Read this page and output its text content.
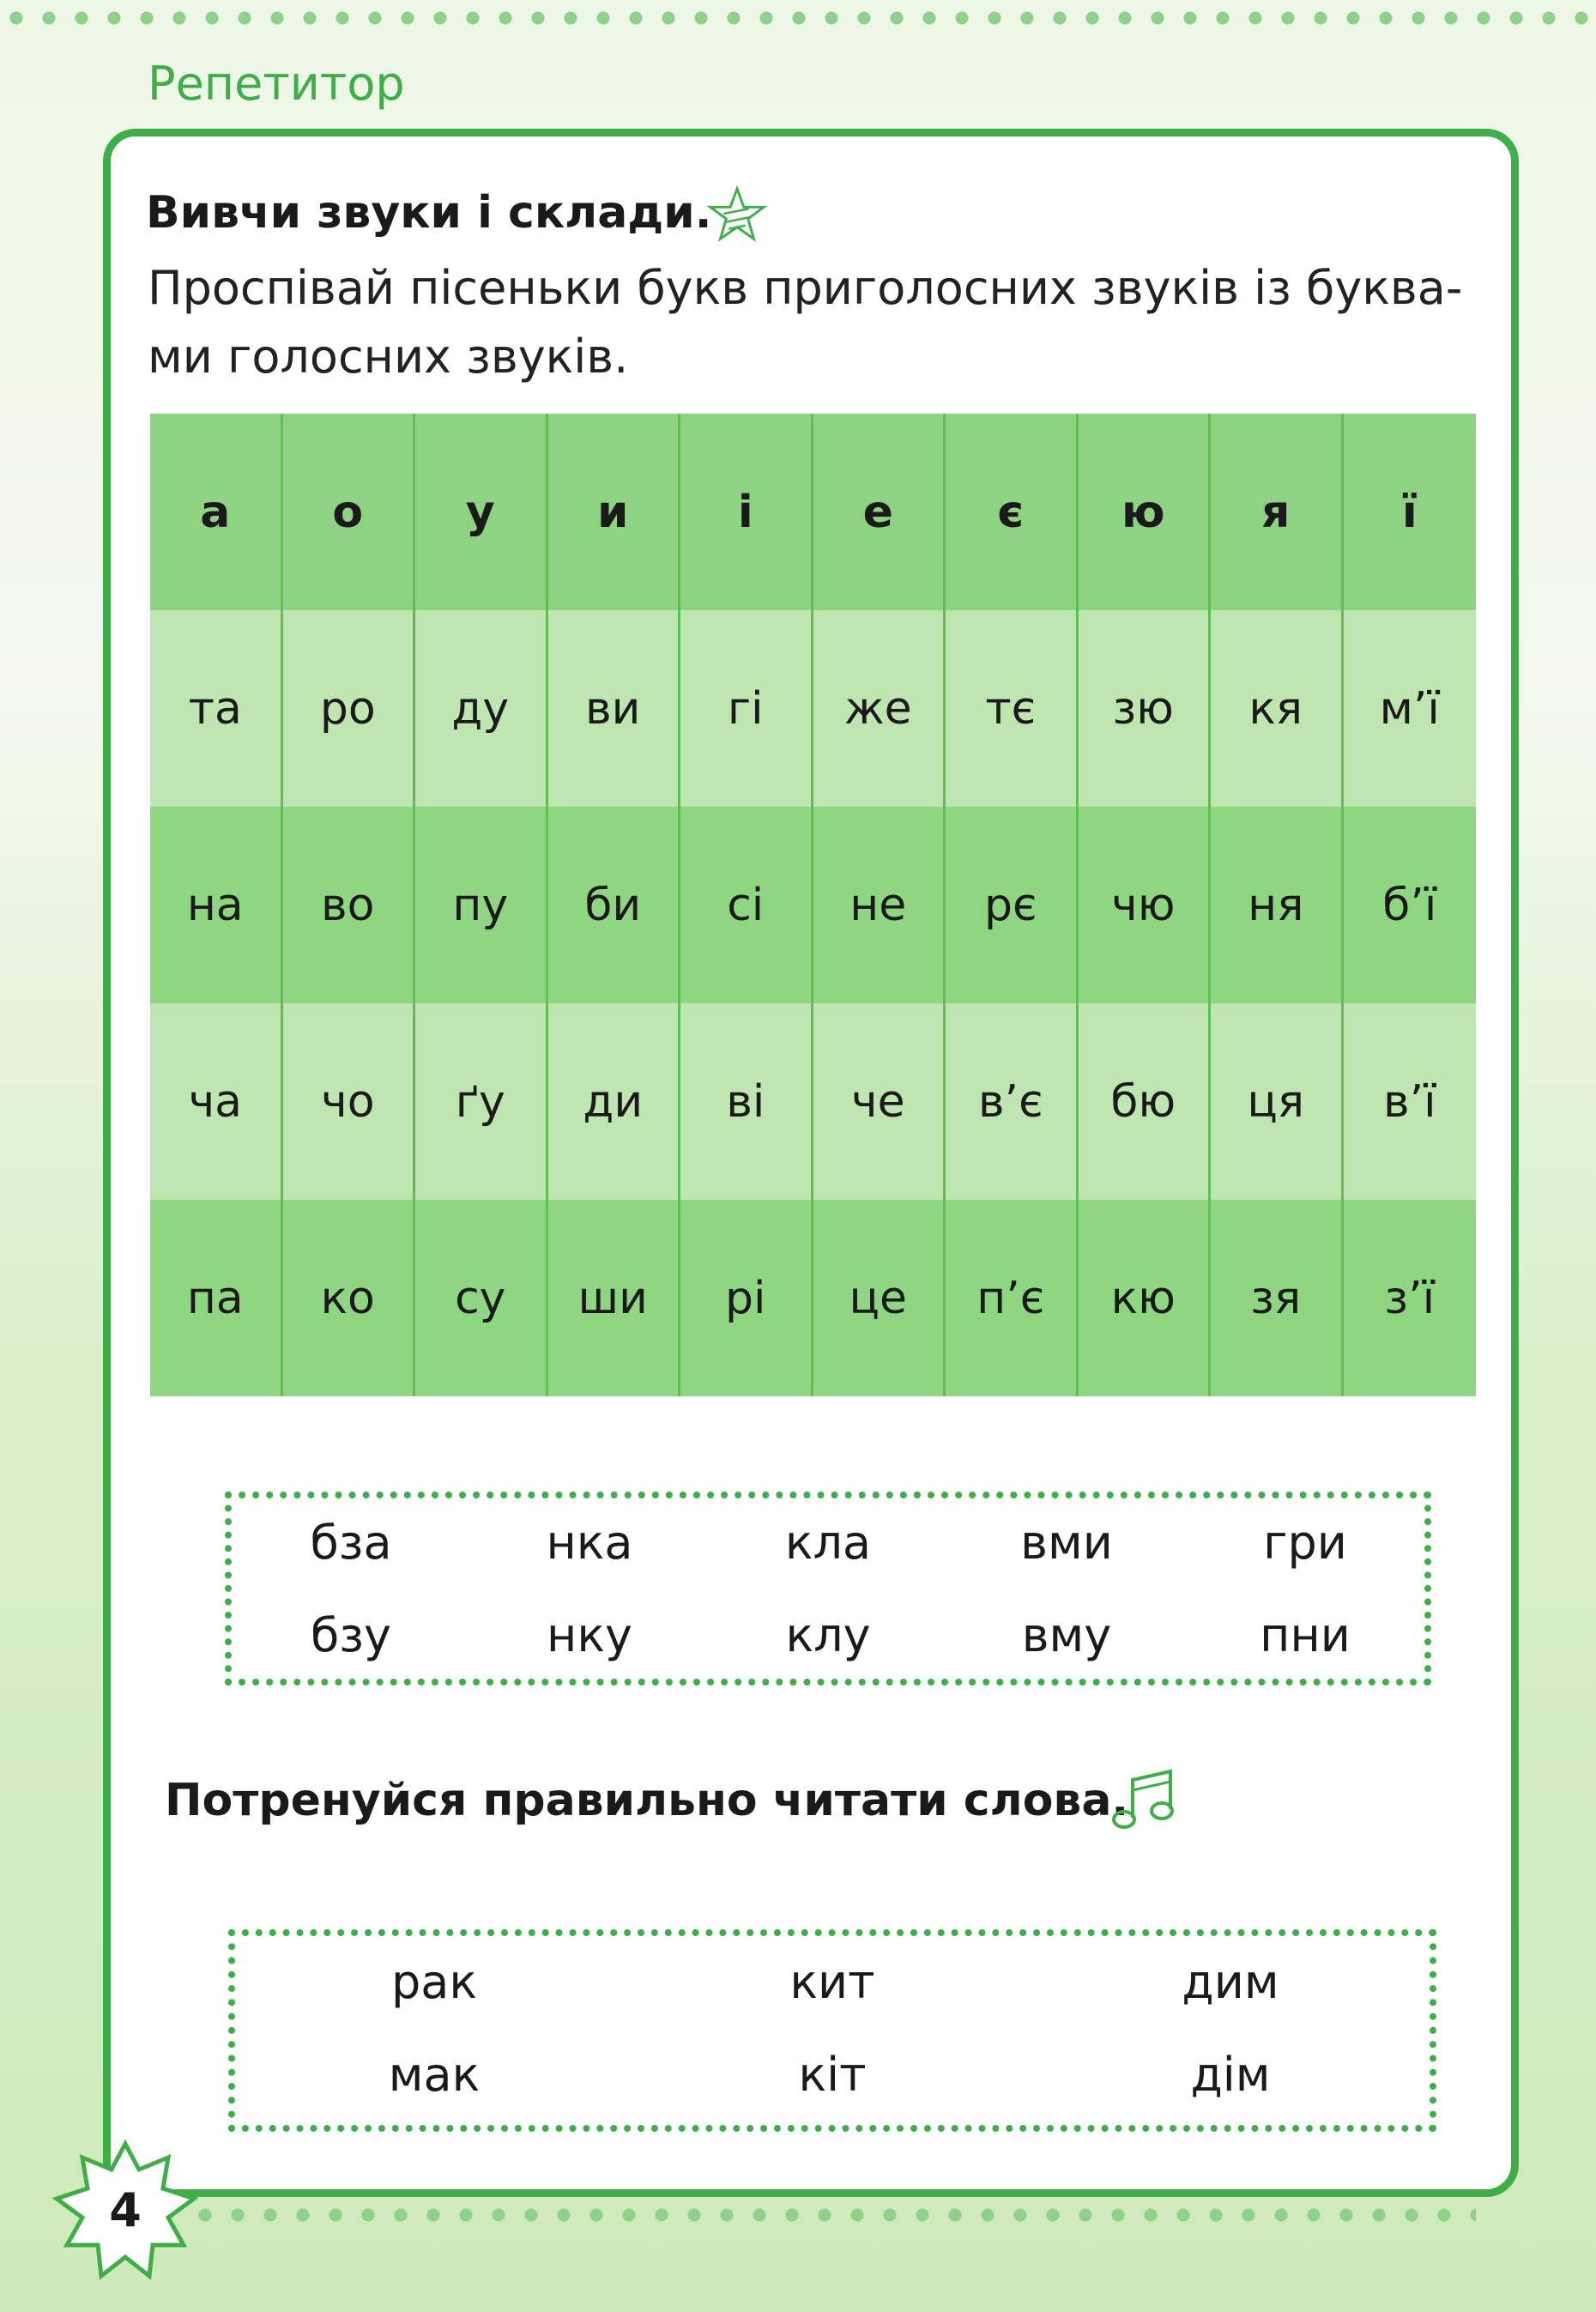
Репетитор
Вивчи звуки і склади.
Проспівай пісеньки букв приголосних звуків із буква-
ми голосних звуків.
а	о	у	и	і	е	є	ю	я	ї
та	ро	ду	ви	гі	же	тє	зю	кя	м’ї
на	во	пу	би	сі	не	рє	чю	ня	б’ї
ча	чо	ґу	ди	ві	че	в’є	бю	ця	в’ї
па	ко	су	ши	рі	це	п’є	кю	зя	з’ї
бза	нка	кла	вми	гри
бзу	нку	клу	вму	пни
Потренуйся правильно читати слова.
рак	кит	дим
мак	кіт	дім
4
